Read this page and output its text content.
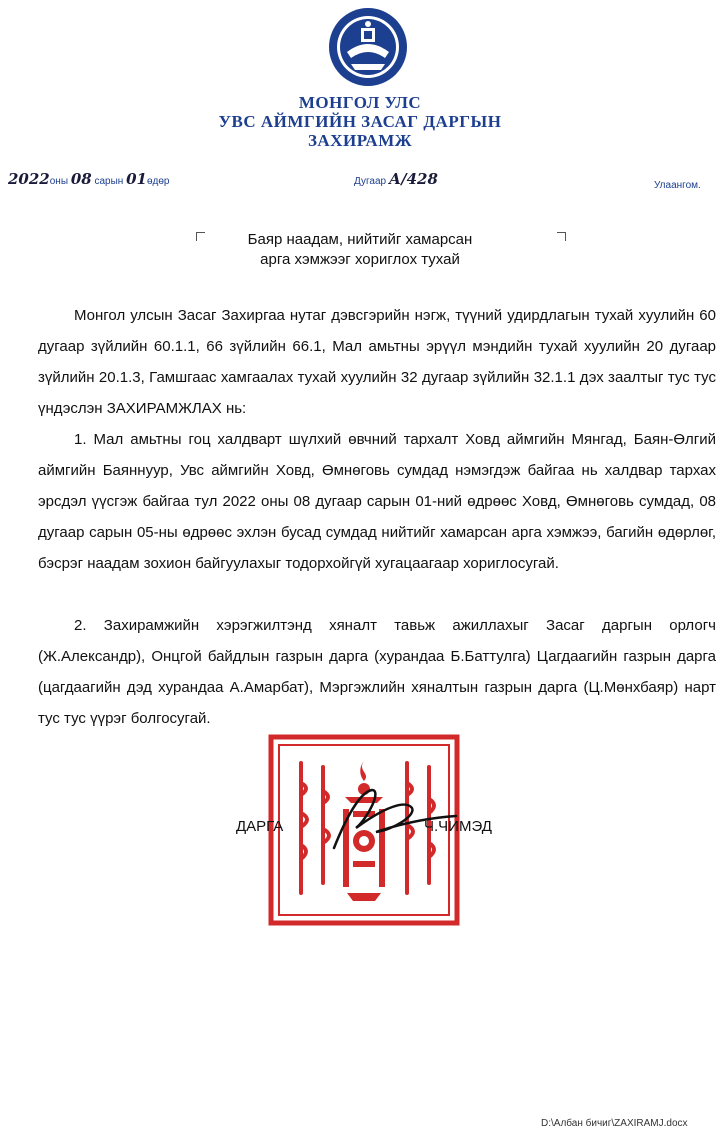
МОНГОЛ УЛС
УВС АЙМГИЙН ЗАСАГ ДАРГЫН
ЗАХИРАМЖ
2022оны 08 сарын 01өдөр	Дугаар А/428	Улаангом.
Баяр наадам, нийтийг хамарсан
арга хэмжээг хориглох тухай
Монгол улсын Засаг Захиргаа нутаг дэвсгэрийн нэгж, түүний удирдлагын тухай хуулийн 60 дугаар зүйлийн 60.1.1, 66 зүйлийн 66.1, Мал амьтны эрүүл мэндийн тухай хуулийн 20 дугаар зүйлийн 20.1.3, Гамшгаас хамгаалах тухай хуулийн 32 дугаар зүйлийн 32.1.1 дэх заалтыг тус тус үндэслэн ЗАХИРАМЖЛАХ нь:
1. Мал амьтны гоц халдварт шүлхий өвчний тархалт Ховд аймгийн Мянгад, Баян-Өлгий аймгийн Баяннуур, Увс аймгийн Ховд, Өмнөговь сумдад нэмэгдэж байгаа нь халдвар тархах эрсдэл үүсгэж байгаа тул 2022 оны 08 дугаар сарын 01-ний өдрөөс Ховд, Өмнөговь сумдад, 08 дугаар сарын 05-ны өдрөөс эхлэн бусад сумдад нийтийг хамарсан арга хэмжээ, багийн өдөрлөг, бэсрэг наадам зохион байгуулахыг тодорхойгүй хугацаагаар хориглосугай.
2. Захирамжийн хэрэгжилтэнд хяналт тавьж ажиллахыг Засаг даргын орлогч (Ж.Александр), Онцгой байдлын газрын дарга (хурандаа Б.Баттулга) Цагдаагийн газрын дарга (цагдаагийн дэд хурандаа А.Амарбат), Мэргэжлийн хяналтын газрын дарга (Ц.Мөнхбаяр) нарт тус тус үүрэг болгосугай.
ДАРГА	Ч.ЧИМЭД
D:\Албан бичиг\ZAXIRAMJ.docx
